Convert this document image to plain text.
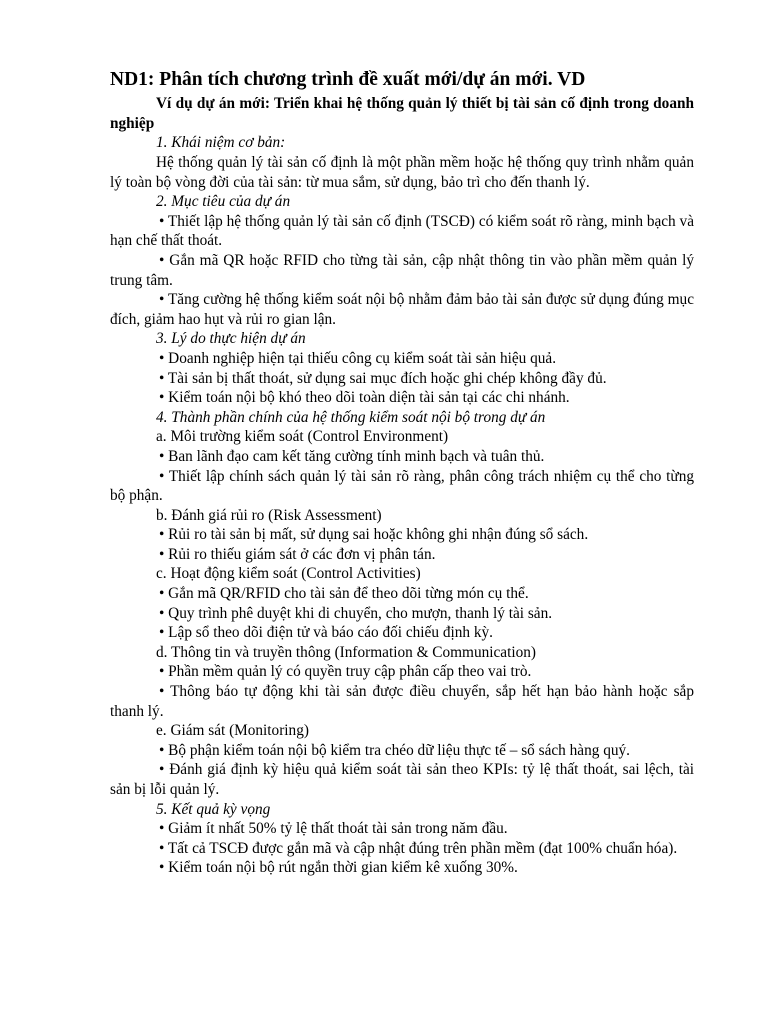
ND1: Phân tích chương trình đề xuất mới/dự án mới. VD

Ví dụ dự án mới: Triển khai hệ thống quản lý thiết bị tài sản cố định trong doanh nghiệp

1. Khái niệm cơ bản:

Hệ thống quản lý tài sản cố định là một phần mềm hoặc hệ thống quy trình nhằm quản lý toàn bộ vòng đời của tài sản: từ mua sắm, sử dụng, bảo trì cho đến thanh lý.

2. Mục tiêu của dự án

• Thiết lập hệ thống quản lý tài sản cố định (TSCĐ) có kiểm soát rõ ràng, minh bạch và hạn chế thất thoát.

• Gắn mã QR hoặc RFID cho từng tài sản, cập nhật thông tin vào phần mềm quản lý trung tâm.

• Tăng cường hệ thống kiểm soát nội bộ nhằm đảm bảo tài sản được sử dụng đúng mục đích, giảm hao hụt và rủi ro gian lận.

3. Lý do thực hiện dự án

• Doanh nghiệp hiện tại thiếu công cụ kiểm soát tài sản hiệu quả.

• Tài sản bị thất thoát, sử dụng sai mục đích hoặc ghi chép không đầy đủ.

• Kiểm toán nội bộ khó theo dõi toàn diện tài sản tại các chi nhánh.

4. Thành phần chính của hệ thống kiểm soát nội bộ trong dự án

a. Môi trường kiểm soát (Control Environment)

• Ban lãnh đạo cam kết tăng cường tính minh bạch và tuân thủ.

• Thiết lập chính sách quản lý tài sản rõ ràng, phân công trách nhiệm cụ thể cho từng bộ phận.

b. Đánh giá rủi ro (Risk Assessment)

• Rủi ro tài sản bị mất, sử dụng sai hoặc không ghi nhận đúng sổ sách.

• Rủi ro thiếu giám sát ở các đơn vị phân tán.

c. Hoạt động kiểm soát (Control Activities)

• Gắn mã QR/RFID cho tài sản để theo dõi từng món cụ thể.

• Quy trình phê duyệt khi di chuyển, cho mượn, thanh lý tài sản.

• Lập sổ theo dõi điện tử và báo cáo đối chiếu định kỳ.

d. Thông tin và truyền thông (Information & Communication)

• Phần mềm quản lý có quyền truy cập phân cấp theo vai trò.

• Thông báo tự động khi tài sản được điều chuyển, sắp hết hạn bảo hành hoặc sắp thanh lý.

e. Giám sát (Monitoring)

• Bộ phận kiểm toán nội bộ kiểm tra chéo dữ liệu thực tế – sổ sách hàng quý.

• Đánh giá định kỳ hiệu quả kiểm soát tài sản theo KPIs: tỷ lệ thất thoát, sai lệch, tài sản bị lỗi quản lý.

5. Kết quả kỳ vọng

• Giảm ít nhất 50% tỷ lệ thất thoát tài sản trong năm đầu.

• Tất cả TSCĐ được gắn mã và cập nhật đúng trên phần mềm (đạt 100% chuẩn hóa).

• Kiểm toán nội bộ rút ngắn thời gian kiểm kê xuống 30%.
